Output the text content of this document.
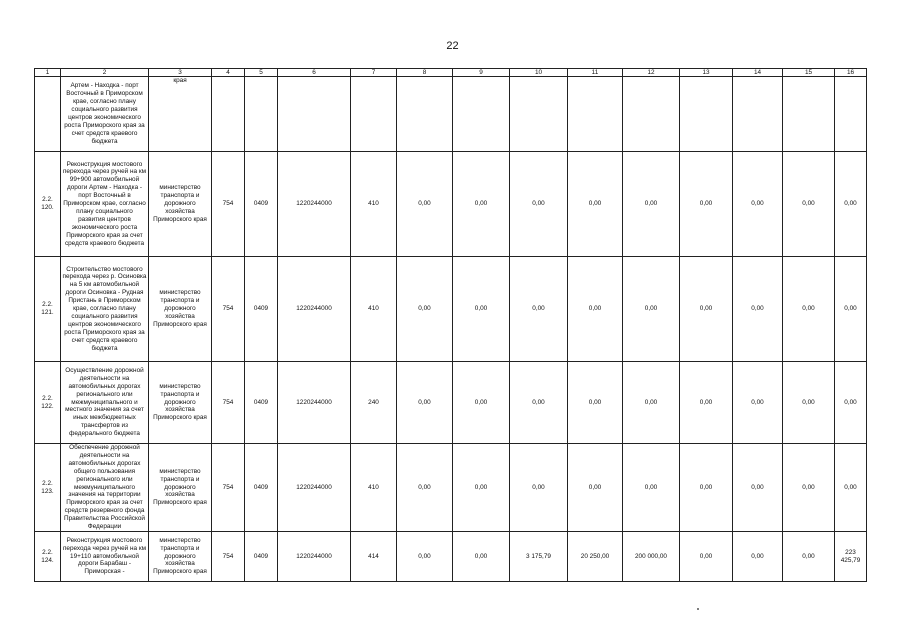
22
1	2	3	4	5	6	7	8	9	10	11	12	13	14	15	16
	Артем - Находка - порт Восточный в Приморском крае, согласно плану социального развития центров экономического роста Приморского края за счет средств краевого бюджета	края													
2.2. 120.	Реконструкция мостового перехода через ручей на км 99+900 автомобильной дороги Артем - Находка - порт Восточный в Приморском крае, согласно плану социального развития центров экономического роста Приморского края за счет средств краевого бюджета	министерство транспорта и дорожного хозяйства Приморского края	754	0409	1220244000	410	0,00	0,00	0,00	0,00	0,00	0,00	0,00	0,00	0,00
2.2. 121.	Строительство мостового перехода через р. Осиновка на 5 км автомобильной дороги Осиновка - Рудная Пристань в Приморском крае, согласно плану социального развития центров экономического роста Приморского края за счет средств краевого бюджета	министерство транспорта и дорожного хозяйства Приморского края	754	0409	1220244000	410	0,00	0,00	0,00	0,00	0,00	0,00	0,00	0,00	0,00
2.2. 122.	Осуществление дорожной деятельности на автомобильных дорогах регионального или межмуниципального и местного значения за счет иных межбюджетных трансфертов из федерального бюджета	министерство транспорта и дорожного хозяйства Приморского края	754	0409	1220244000	240	0,00	0,00	0,00	0,00	0,00	0,00	0,00	0,00	0,00
2.2. 123.	Обеспечение дорожной деятельности на автомобильных дорогах общего пользования регионального или межмуниципального значения на территории Приморского края за счет средств резервного фонда Правительства Российской Федерации	министерство транспорта и дорожного хозяйства Приморского края	754	0409	1220244000	410	0,00	0,00	0,00	0,00	0,00	0,00	0,00	0,00	0,00
2.2. 124.	Реконструкция мостового перехода через ручей на км 19+110 автомобильной дороги Барабаш - Приморская -	министерство транспорта и дорожного хозяйства Приморского края	754	0409	1220244000	414	0,00	0,00	3 175,79	20 250,00	200 000,00	0,00	0,00	0,00	223 425,79
